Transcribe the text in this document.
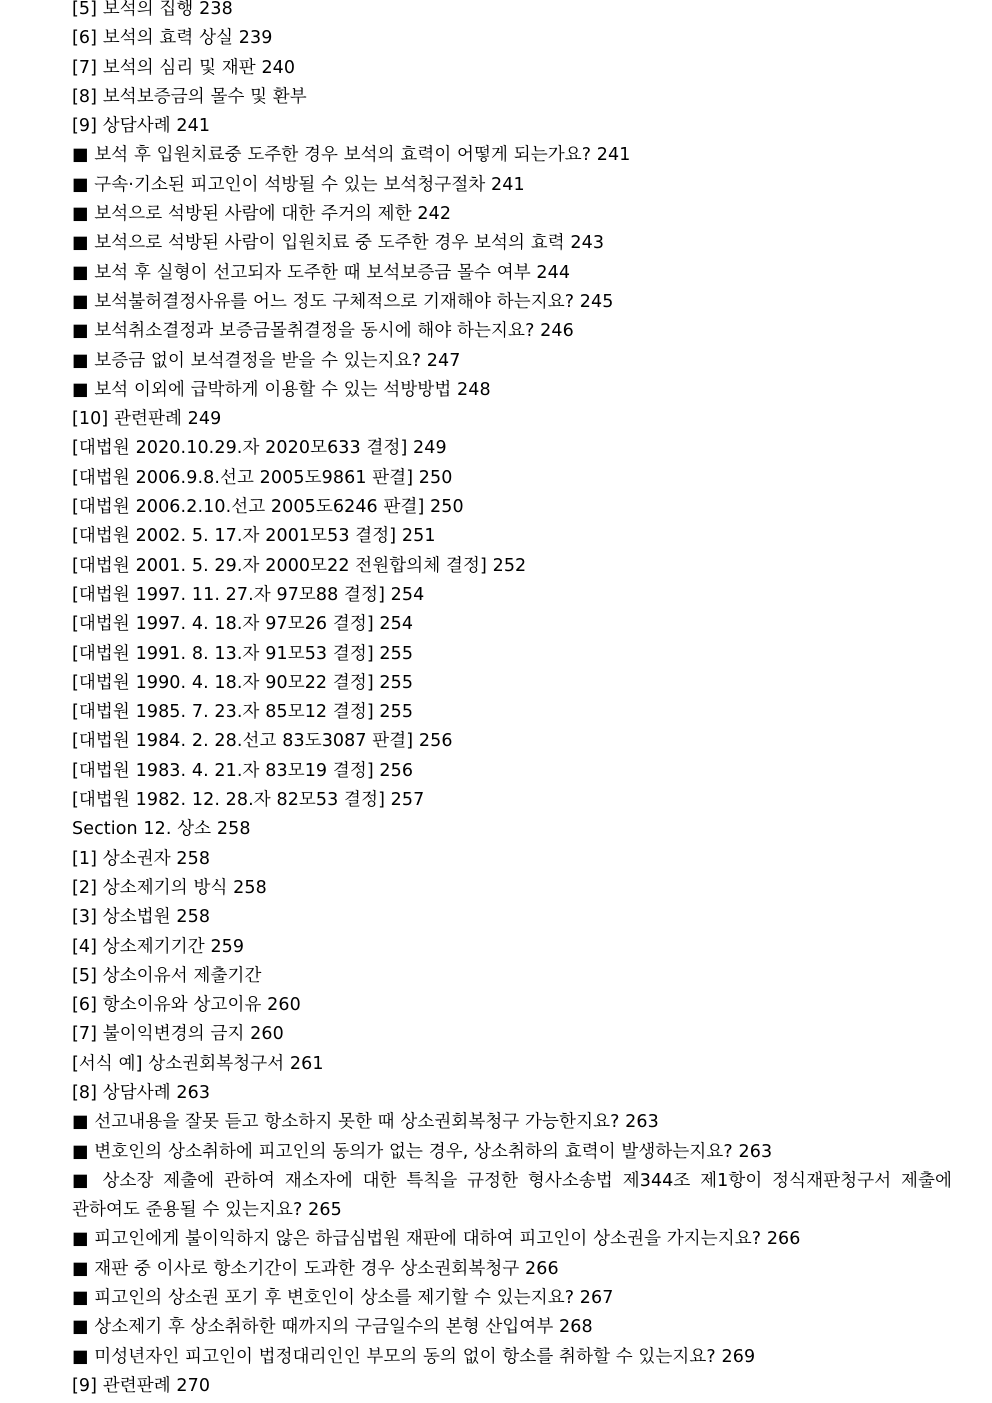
[5] 보석의 집행 238
[6] 보석의 효력 상실 239
[7] 보석의 심리 및 재판 240
[8] 보석보증금의 몰수 및 환부
[9] 상담사례 241
■ 보석 후 입원치료중 도주한 경우 보석의 효력이 어떻게 되는가요? 241
■ 구속·기소된 피고인이 석방될 수 있는 보석청구절차 241
■ 보석으로 석방된 사람에 대한 주거의 제한 242
■ 보석으로 석방된 사람이 입원치료 중 도주한 경우 보석의 효력 243
■ 보석 후 실형이 선고되자 도주한 때 보석보증금 몰수 여부 244
■ 보석불허결정사유를 어느 정도 구체적으로 기재해야 하는지요? 245
■ 보석취소결정과 보증금몰취결정을 동시에 해야 하는지요? 246
■ 보증금 없이 보석결정을 받을 수 있는지요? 247
■ 보석 이외에 급박하게 이용할 수 있는 석방방법 248
[10] 관련판례 249
[대법원 2020.10.29.자 2020모633 결정] 249
[대법원 2006.9.8.선고 2005도9861 판결] 250
[대법원 2006.2.10.선고 2005도6246 판결] 250
[대법원 2002. 5. 17.자 2001모53 결정] 251
[대법원 2001. 5. 29.자 2000모22 전원합의체 결정] 252
[대법원 1997. 11. 27.자 97모88 결정] 254
[대법원 1997. 4. 18.자 97모26 결정] 254
[대법원 1991. 8. 13.자 91모53 결정] 255
[대법원 1990. 4. 18.자 90모22 결정] 255
[대법원 1985. 7. 23.자 85모12 결정] 255
[대법원 1984. 2. 28.선고 83도3087 판결] 256
[대법원 1983. 4. 21.자 83모19 결정] 256
[대법원 1982. 12. 28.자 82모53 결정] 257
Section 12. 상소 258
[1] 상소권자 258
[2] 상소제기의 방식 258
[3] 상소법원 258
[4] 상소제기기간 259
[5] 상소이유서 제출기간
[6] 항소이유와 상고이유 260
[7] 불이익변경의 금지 260
[서식 예] 상소권회복청구서 261
[8] 상담사례 263
■ 선고내용을 잘못 듣고 항소하지 못한 때 상소권회복청구 가능한지요? 263
■ 변호인의 상소취하에 피고인의 동의가 없는 경우, 상소취하의 효력이 발생하는지요? 263
■ 상소장 제출에 관하여 재소자에 대한 특칙을 규정한 형사소송법 제344조 제1항이 정식재판청구서 제출에 관하여도 준용될 수 있는지요? 265
■ 피고인에게 불이익하지 않은 하급심법원 재판에 대하여 피고인이 상소권을 가지는지요? 266
■ 재판 중 이사로 항소기간이 도과한 경우 상소권회복청구 266
■ 피고인의 상소권 포기 후 변호인이 상소를 제기할 수 있는지요? 267
■ 상소제기 후 상소취하한 때까지의 구금일수의 본형 산입여부 268
■ 미성년자인 피고인이 법정대리인인 부모의 동의 없이 항소를 취하할 수 있는지요? 269
[9] 관련판례 270
